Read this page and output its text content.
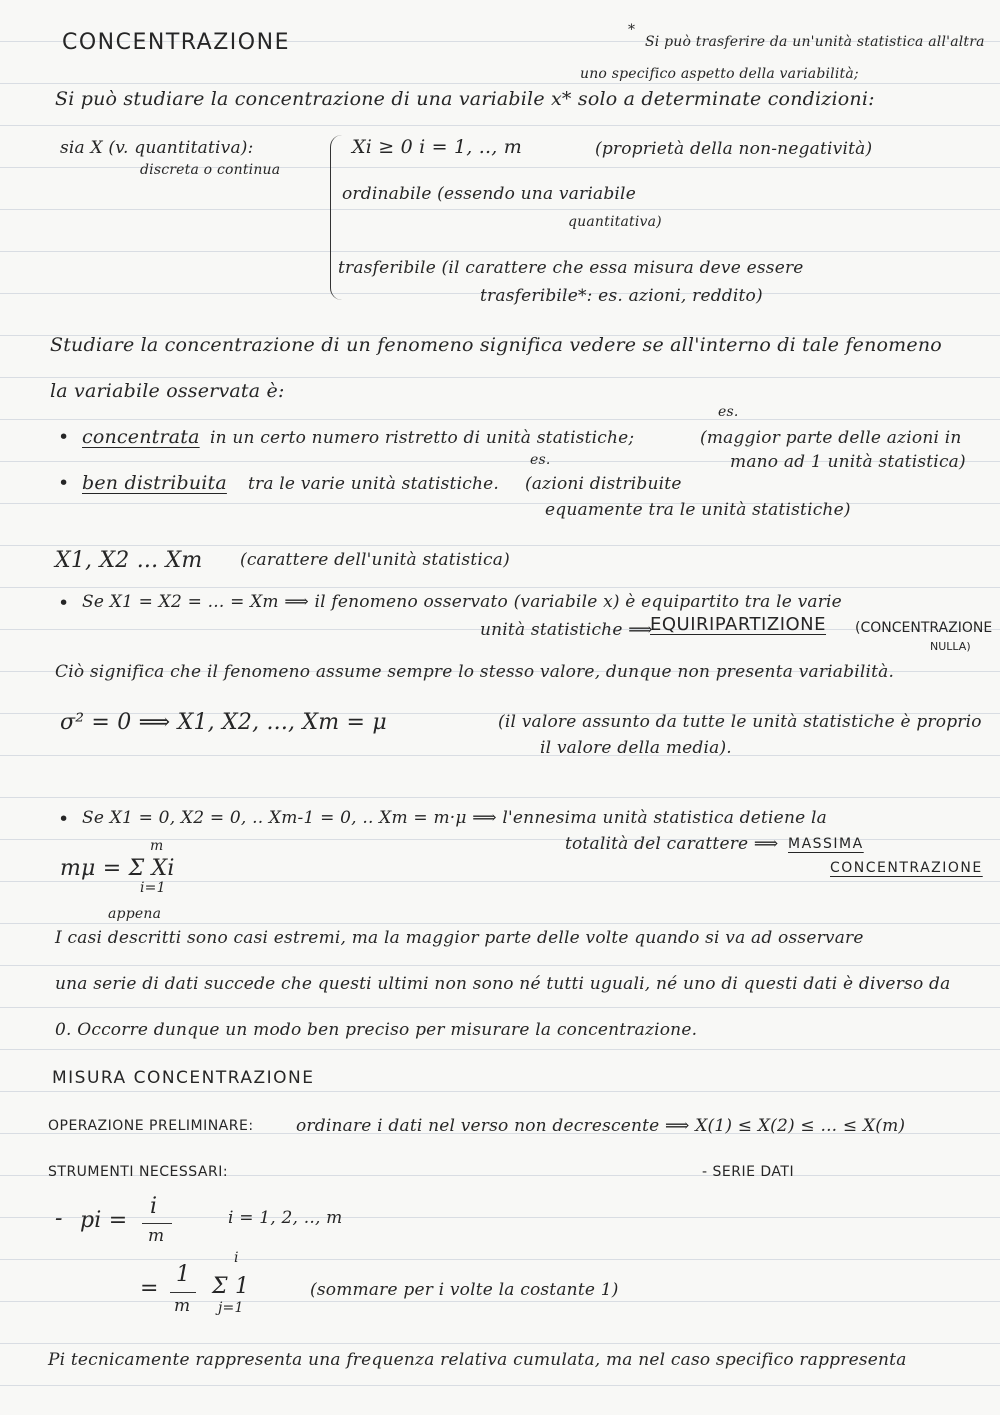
CONCENTRAZIONE	*
Si può trasferire da un'unità statistica all'altra
uno specifico aspetto della variabilità;
Si può studiare la concentrazione di una variabile x* solo a determinate condizioni:
sia X (v. quantitativa):
discreta o continua
Xi ≥ 0 i = 1, .., m	(proprietà della non-negatività)
ordinabile (essendo una variabile
quantitativa)
trasferibile (il carattere che essa misura deve essere
trasferibile*: es. azioni, reddito)
Studiare la concentrazione di un fenomeno significa vedere se all'interno di tale fenomeno
la variabile osservata è:
• concentrata in un certo numero ristretto di unità statistiche;
es.
(maggior parte delle azioni in
mano ad 1 unità statistica)
• ben distribuita tra le varie unità statistiche.
es.
(azioni distribuite
equamente tra le unità statistiche)
X1, X2 ... Xm (carattere dell'unità statistica)
• Se X1 = X2 = ... = Xm ⟹ il fenomeno osservato (variabile x) è equipartito tra le varie
unità statistiche ⟹
EQUIRIPARTIZIONE (CONCENTRAZIONE
NULLA)
Ciò significa che il fenomeno assume sempre lo stesso valore, dunque non presenta variabilità.
σ² = 0 ⟹ X1, X2, ..., Xm = μ	(il valore assunto da tutte le unità statistiche è proprio
il valore della media).
• Se X1 = 0, X2 = 0, .. Xm-1 = 0, .. Xm = m·μ ⟹ l'ennesima unità statistica detiene la
totalità del carattere ⟹ MASSIMA
CONCENTRAZIONE
m
mμ = Σ Xi
i=1
appena
I casi descritti sono casi estremi, ma la maggior parte delle volte quando si va ad osservare
una serie di dati succede che questi ultimi non sono né tutti uguali, né uno di questi dati è diverso da
0. Occorre dunque un modo ben preciso per misurare la concentrazione.
MISURA CONCENTRAZIONE
OPERAZIONE PRELIMINARE: ordinare i dati nel verso non decrescente ⟹ X(1) ≤ X(2) ≤ ... ≤ X(m)
- SERIE DATI
STRUMENTI NECESSARI:
- pi =
i
m
i = 1, 2, .., m
=
1
m
i
Σ 1
j=1
(sommare per i volte la costante 1)
Pi tecnicamente rappresenta una frequenza relativa cumulata, ma nel caso specifico rappresenta
